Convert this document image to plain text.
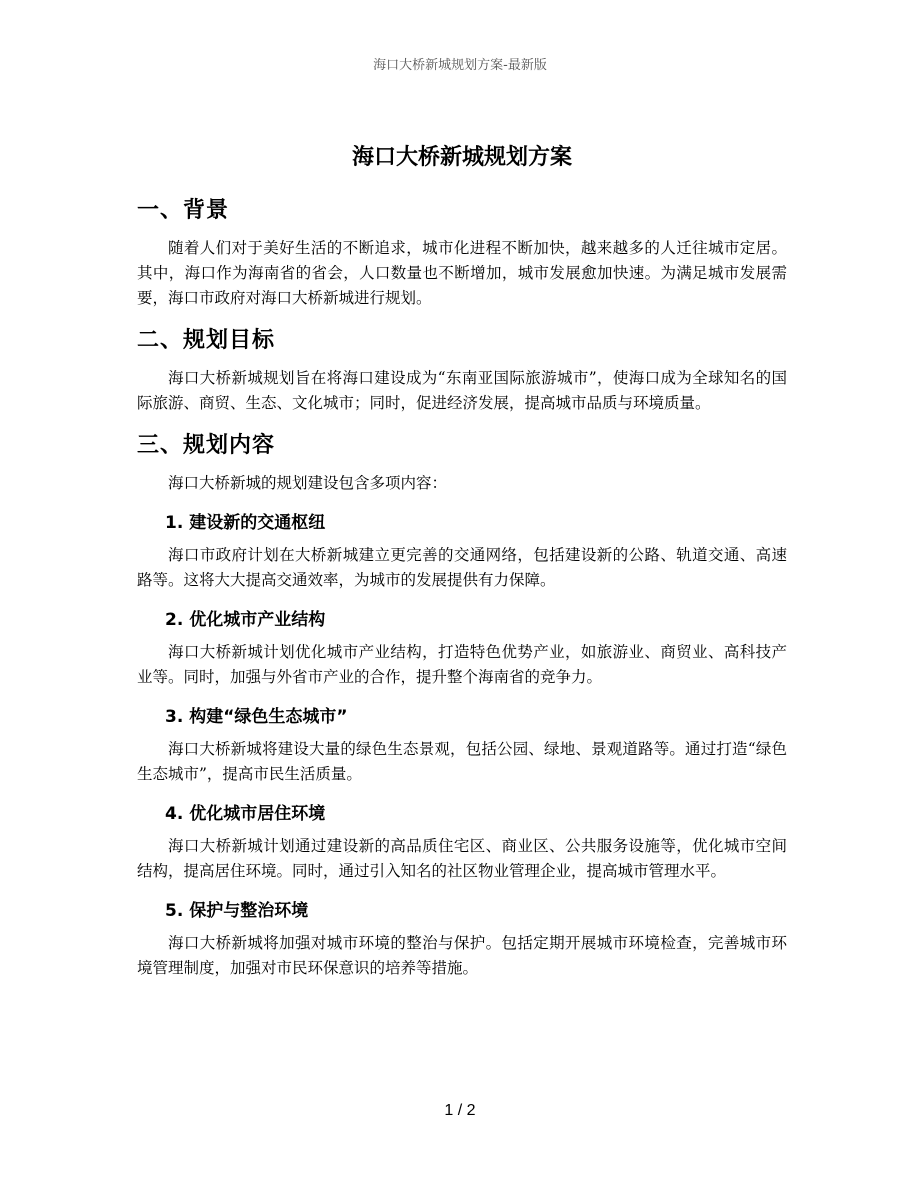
海口大桥新城规划方案-最新版
海口大桥新城规划方案
一、背景

随着人们对于美好生活的不断追求，城市化进程不断加快，越来越多的人迁往城市定居。其中，海口作为海南省的省会，人口数量也不断增加，城市发展愈加快速。为满足城市发展需要，海口市政府对海口大桥新城进行规划。

二、规划目标

海口大桥新城规划旨在将海口建设成为“东南亚国际旅游城市”，使海口成为全球知名的国际旅游、商贸、生态、文化城市；同时，促进经济发展，提高城市品质与环境质量。

三、规划内容

海口大桥新城的规划建设包含多项内容：

1. 建设新的交通枢纽

海口市政府计划在大桥新城建立更完善的交通网络，包括建设新的公路、轨道交通、高速路等。这将大大提高交通效率，为城市的发展提供有力保障。

2. 优化城市产业结构

海口大桥新城计划优化城市产业结构，打造特色优势产业，如旅游业、商贸业、高科技产业等。同时，加强与外省市产业的合作，提升整个海南省的竞争力。

3. 构建“绿色生态城市”

海口大桥新城将建设大量的绿色生态景观，包括公园、绿地、景观道路等。通过打造“绿色生态城市”，提高市民生活质量。

4. 优化城市居住环境

海口大桥新城计划通过建设新的高品质住宅区、商业区、公共服务设施等，优化城市空间结构，提高居住环境。同时，通过引入知名的社区物业管理企业，提高城市管理水平。

5. 保护与整治环境

海口大桥新城将加强对城市环境的整治与保护。包括定期开展城市环境检查，完善城市环境管理制度，加强对市民环保意识的培养等措施。

1 / 2
